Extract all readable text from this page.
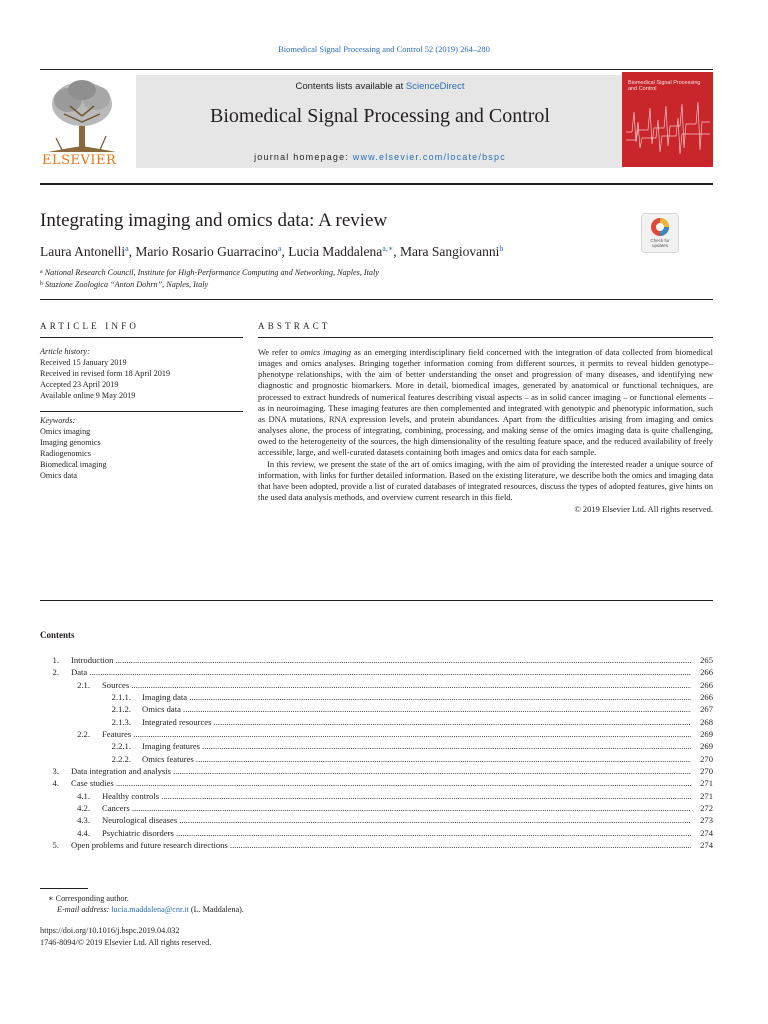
Biomedical Signal Processing and Control 52 (2019) 264–280
ELSEVIER
Contents lists available at ScienceDirect
Biomedical Signal Processing and Control
journal homepage: www.elsevier.com/locate/bspc
Biomedical Signal Processing and Control
Integrating imaging and omics data: A review
Check for updates
Laura Antonelli$^a$, Mario Rosario Guarracino$^a$, Lucia Maddalena$^{a,∗}$, Mara Sangiovanni$^b$
$^a$ National Research Council, Institute for High-Performance Computing and Networking, Naples, Italy
$^b$ Stazione Zoologica “Anton Dohrn”, Naples, Italy
ARTICLE INFO	ABSTRACT
Article history:
Received 15 January 2019
Received in revised form 18 April 2019
Accepted 23 April 2019
Available online 9 May 2019
Keywords:
Omics imaging
Imaging genomics
Radiogenomics
Biomedical imaging
Omics data

We refer to omics imaging as an emerging interdisciplinary field concerned with the integration of data collected from biomedical images and omics analyses. Bringing together information coming from different sources, it permits to reveal hidden genotype–phenotype relationships, with the aim of better understanding the onset and progression of many diseases, and identifying new diagnostic and prognostic biomarkers. More in detail, biomedical images, generated by anatomical or functional techniques, are processed to extract hundreds of numerical features describing visual aspects – as in solid cancer imaging – or functional elements – as in neuroimaging. These imaging features are then complemented and integrated with genotypic and phenotypic information, such as DNA mutations, RNA expression levels, and protein abundances. Apart from the difficulties arising from imaging and omics analyses alone, the process of integrating, combining, processing, and making sense of the omics imaging data is quite challenging, owed to the heterogeneity of the sources, the high dimensionality of the resulting feature space, and the reduced availability of freely accessible, large, and well-curated datasets containing both images and omics data for each sample.

In this review, we present the state of the art of omics imaging, with the aim of providing the interested reader a unique source of information, with links for further detailed information. Based on the existing literature, we describe both the omics and imaging data that have been adopted, provide a list of curated databases of integrated resources, discuss the types of adopted features, give hints on the used data analysis methods, and overview current research in this field.

© 2019 Elsevier Ltd. All rights reserved.
Contents
1. Introduction .....	265
2. Data .....	266
2.1. Sources .....	266
2.1.1. Imaging data .....	266
2.1.2. Omics data .....	267
2.1.3. Integrated resources .....	268
2.2. Features .....	269
2.2.1. Imaging features .....	269
2.2.2. Omics features .....	270
3. Data integration and analysis .....	270
4. Case studies .....	271
4.1. Healthy controls .....	271
4.2. Cancers .....	272
4.3. Neurological diseases .....	273
4.4. Psychiatric disorders .....	274
5. Open problems and future research directions .....	274
∗ Corresponding author.
E-mail address: lucia.maddalena@cnr.it (L. Maddalena).
https://doi.org/10.1016/j.bspc.2019.04.032
1746-8094/© 2019 Elsevier Ltd. All rights reserved.
